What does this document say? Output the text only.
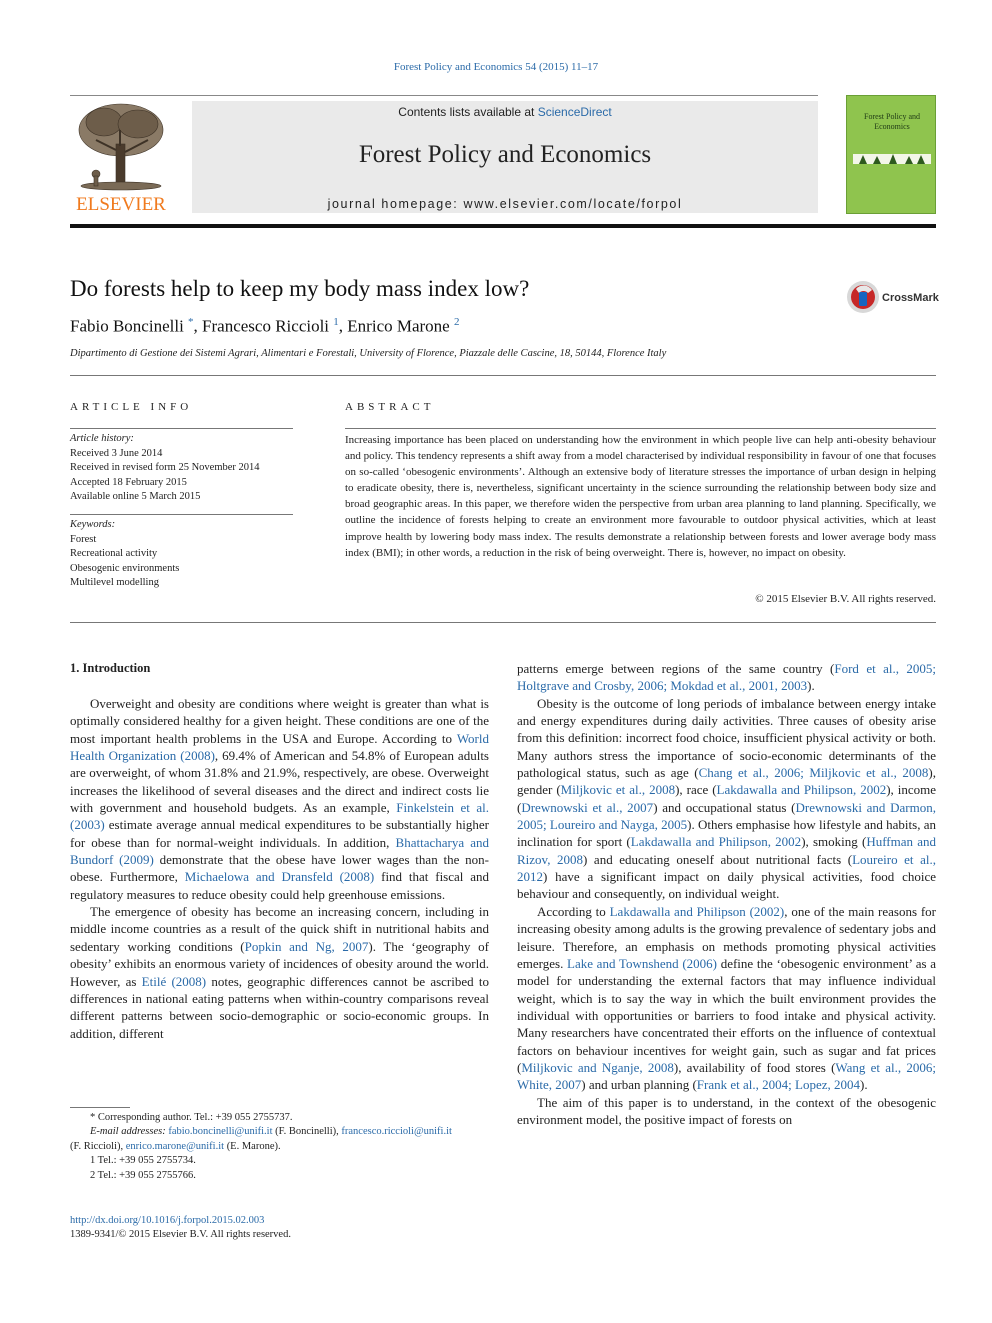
Forest Policy and Economics 54 (2015) 11–17
ELSEVIER
Contents lists available at ScienceDirect
Forest Policy and Economics
journal homepage: www.elsevier.com/locate/forpol
Forest Policy and Economics
Do forests help to keep my body mass index low?	CrossMark
Fabio Boncinelli *, Francesco Riccioli $^1$, Enrico Marone $^2$
Dipartimento di Gestione dei Sistemi Agrari, Alimentari e Forestali, University of Florence, Piazzale delle Cascine, 18, 50144, Florence Italy
ARTICLE INFO	ABSTRACT
Article history:
Received 3 June 2014
Received in revised form 25 November 2014
Accepted 18 February 2015
Available online 5 March 2015
Keywords:
Forest
Recreational activity
Obesogenic environments
Multilevel modelling
Increasing importance has been placed on understanding how the environment in which people live can help anti-obesity behaviour and policy. This tendency represents a shift away from a model characterised by individual responsibility in favour of one that focuses on so-called ‘obesogenic environments’. Although an extensive body of literature stresses the importance of urban design in helping to eradicate obesity, there is, nevertheless, significant uncertainty in the science surrounding the relationship between body size and broad geographic areas. In this paper, we therefore widen the perspective from urban area planning to land planning. Specifically, we outline the incidence of forests helping to create an environment more favourable to outdoor physical activities, which at least improve health by lowering body mass index. The results demonstrate a relationship between forests and lower average body mass index (BMI); in other words, a reduction in the risk of being overweight. There is, however, no impact on obesity.
© 2015 Elsevier B.V. All rights reserved.
1. Introduction

Overweight and obesity are conditions where weight is greater than what is optimally considered healthy for a given height. These conditions are one of the most important health problems in the USA and Europe. According to World Health Organization (2008), 69.4% of American and 54.8% of European adults are overweight, of whom 31.8% and 21.9%, respectively, are obese. Overweight increases the likelihood of several diseases and the direct and indirect costs lie with government and household budgets. As an example, Finkelstein et al. (2003) estimate average annual medical expenditures to be substantially higher for obese than for normal-weight individuals. In addition, Bhattacharya and Bundorf (2009) demonstrate that the obese have lower wages than the non-obese. Furthermore, Michaelowa and Dransfeld (2008) find that fiscal and regulatory measures to reduce obesity could help greenhouse emissions.

The emergence of obesity has become an increasing concern, including in middle income countries as a result of the quick shift in nutritional habits and sedentary working conditions (Popkin and Ng, 2007). The ‘geography of obesity’ exhibits an enormous variety of incidences of obesity around the world. However, as Etilé (2008) notes, geographic differences cannot be ascribed to differences in national eating patterns when within-country comparisons reveal different patterns between socio-demographic or socio-economic groups. In addition, different

patterns emerge between regions of the same country (Ford et al., 2005; Holtgrave and Crosby, 2006; Mokdad et al., 2001, 2003).

Obesity is the outcome of long periods of imbalance between energy intake and energy expenditures during daily activities. Three causes of obesity arise from this definition: incorrect food choice, insufficient physical activity or both. Many authors stress the importance of socio-economic determinants of the pathological status, such as age (Chang et al., 2006; Miljkovic et al., 2008), gender (Miljkovic et al., 2008), race (Lakdawalla and Philipson, 2002), income (Drewnowski et al., 2007) and occupational status (Drewnowski and Darmon, 2005; Loureiro and Nayga, 2005). Others emphasise how lifestyle and habits, an inclination for sport (Lakdawalla and Philipson, 2002), smoking (Huffman and Rizov, 2008) and educating oneself about nutritional facts (Loureiro et al., 2012) have a significant impact on daily physical activities, food choice behaviour and consequently, on individual weight.

According to Lakdawalla and Philipson (2002), one of the main reasons for increasing obesity among adults is the growing prevalence of sedentary jobs and leisure. Therefore, an emphasis on methods promoting physical activities emerges. Lake and Townshend (2006) define the ‘obesogenic environment’ as a model for understanding the external factors that may influence individual weight, which is to say the way in which the built environment provides the individual with opportunities or barriers to food intake and physical activity. Many researchers have concentrated their efforts on the influence of contextual factors on behaviour incentives for weight gain, such as sugar and fat prices (Miljkovic and Nganje, 2008), availability of food stores (Wang et al., 2006; White, 2007) and urban planning (Frank et al., 2004; Lopez, 2004).

The aim of this paper is to understand, in the context of the obesogenic environment model, the positive impact of forests on

* Corresponding author. Tel.: +39 055 2755737.
E-mail addresses: fabio.boncinelli@unifi.it (F. Boncinelli), francesco.riccioli@unifi.it
(F. Riccioli), enrico.marone@unifi.it (E. Marone).
1 Tel.: +39 055 2755734.
2 Tel.: +39 055 2755766.
http://dx.doi.org/10.1016/j.forpol.2015.02.003
1389-9341/© 2015 Elsevier B.V. All rights reserved.
